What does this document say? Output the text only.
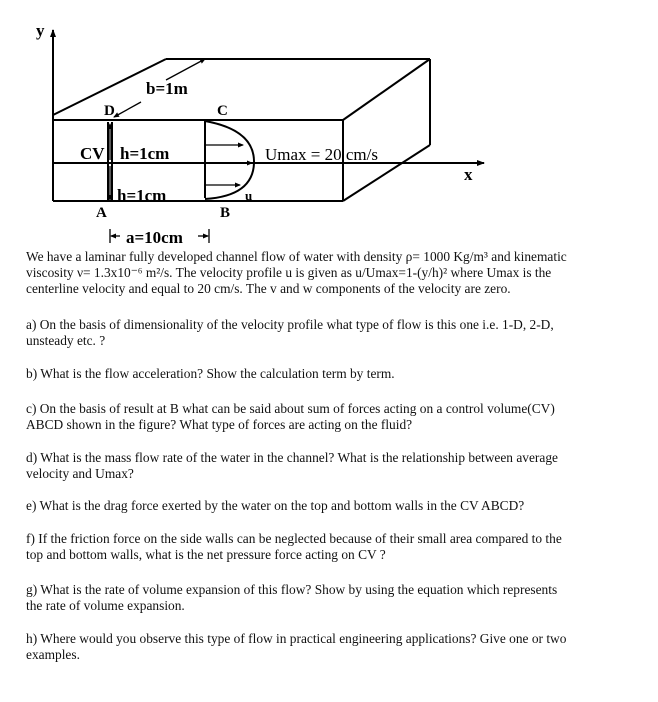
y
x
b=1m
D	C
CV h=1cm
h=1cm	u
Umax = 20 cm/s
A	B
a=10cm

We have a laminar fully developed channel flow of water with density ρ= 1000 Kg/m³ and kinematic

viscosity ν= 1.3x10⁻⁶ m²/s. The velocity profile u is given as u/Umax=1-(y/h)² where Umax is the

centerline velocity and equal to 20 cm/s. The v and w components of the velocity are zero.

a) On the basis of dimensionality of the velocity profile what type of flow is this one i.e. 1-D, 2-D,

unsteady etc. ?

b) What is the flow acceleration? Show the calculation term by term.

c) On the basis of result at B what can be said about sum of forces acting on a control volume(CV)

ABCD shown in the figure? What type of forces are acting on the fluid?

d) What is the mass flow rate of the water in the channel? What is the relationship between average

velocity and Umax?

e) What is the drag force exerted by the water on the top and bottom walls in the CV ABCD?

f) If the friction force on the side walls can be neglected because of their small area compared to the

top and bottom walls, what is the net pressure force acting on CV ?

g) What is the rate of volume expansion of this flow? Show by using the equation which represents

the rate of volume expansion.

h) Where would you observe this type of flow in practical engineering applications? Give one or two

examples.
